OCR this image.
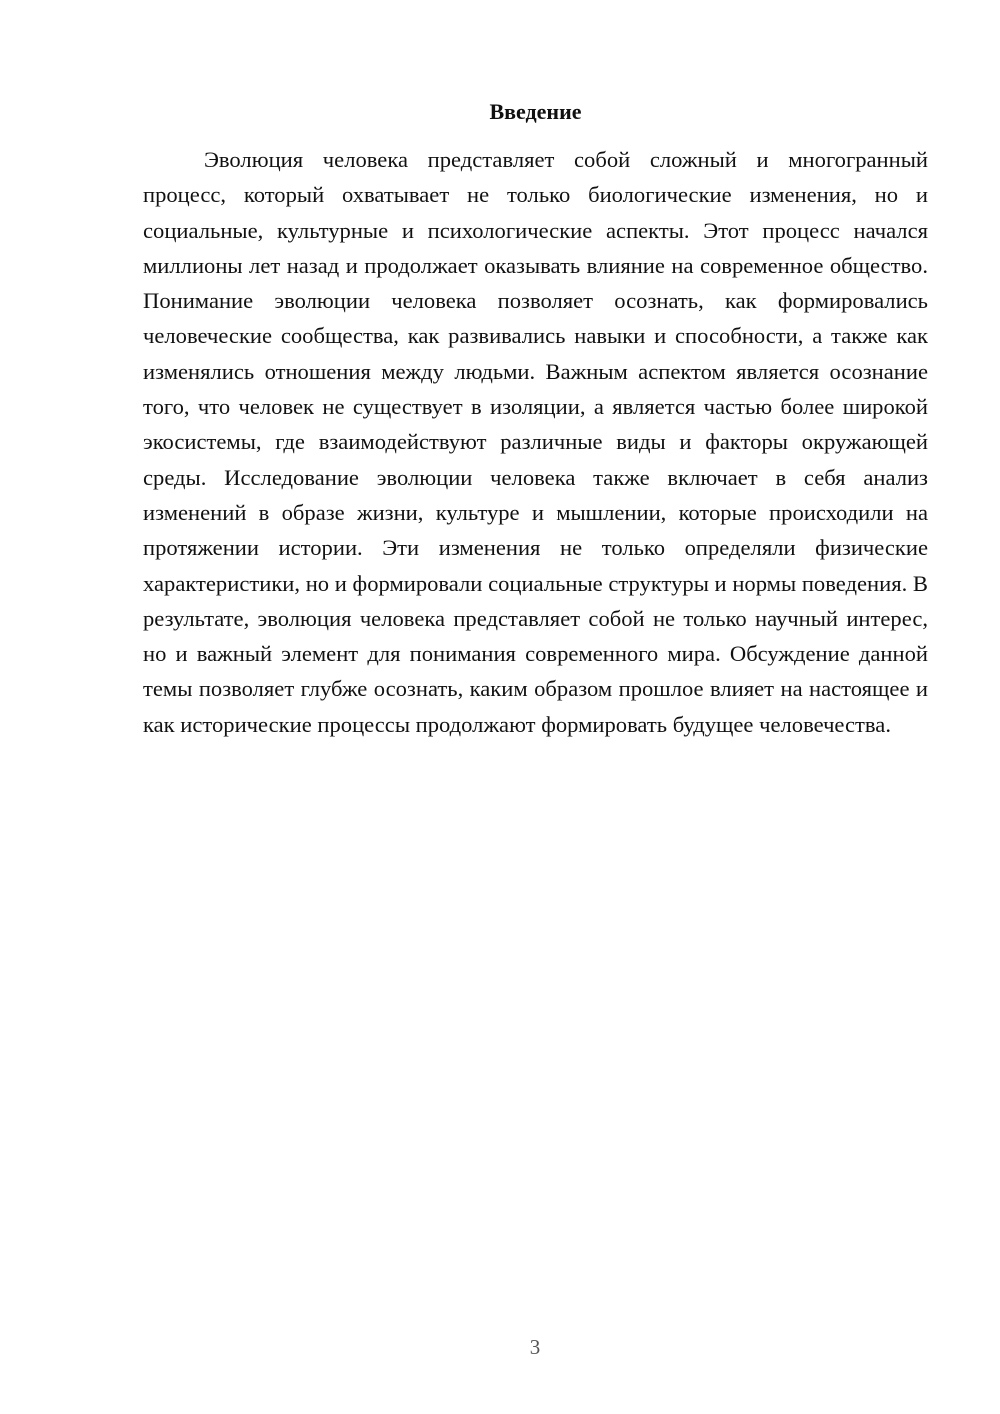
Введение

Эволюция человека представляет собой сложный и многогранный процесс, который охватывает не только биологические изменения, но и социальные, культурные и психологические аспекты. Этот процесс начался миллионы лет назад и продолжает оказывать влияние на современное общество. Понимание эволюции человека позволяет осознать, как формировались человеческие сообщества, как развивались навыки и способности, а также как изменялись отношения между людьми. Важным аспектом является осознание того, что человек не существует в изоляции, а является частью более широкой экосистемы, где взаимодействуют различные виды и факторы окружающей среды. Исследование эволюции человека также включает в себя анализ изменений в образе жизни, культуре и мышлении, которые происходили на протяжении истории. Эти изменения не только определяли физические характеристики, но и формировали социальные структуры и нормы поведения. В результате, эволюция человека представляет собой не только научный интерес, но и важный элемент для понимания современного мира. Обсуждение данной темы позволяет глубже осознать, каким образом прошлое влияет на настоящее и как исторические процессы продолжают формировать будущее человечества.

3
